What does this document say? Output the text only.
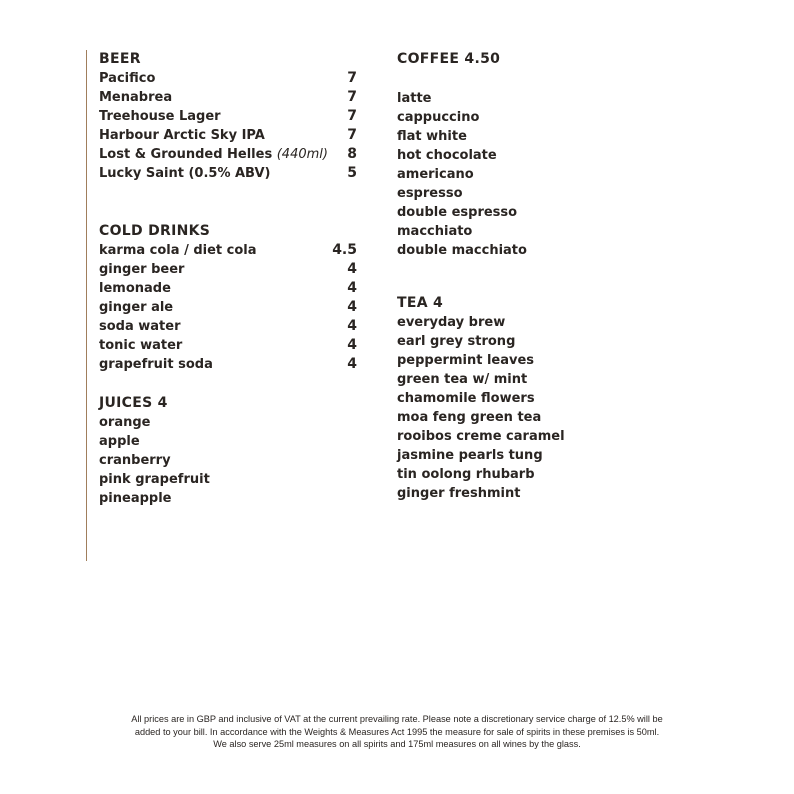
BEER
Pacifico	7
Menabrea	7
Treehouse Lager	7
Harbour Arctic Sky IPA	7
Lost & Grounded Helles (440ml) 8
Lucky Saint (0.5% ABV)	5
COLD DRINKS
karma cola / diet cola	4.5
ginger beer	4
lemonade	4
ginger ale	4
soda water	4
tonic water	4
grapefruit soda	4
JUICES 4
orange
apple
cranberry
pink grapefruit
pineapple
COFFEE 4.50
latte
cappuccino
flat white
hot chocolate
americano
espresso
double espresso
macchiato
double macchiato
TEA 4
everyday brew
earl grey strong
peppermint leaves
green tea w/ mint
chamomile flowers
moa feng green tea
rooibos creme caramel
jasmine pearls tung
tin oolong rhubarb
ginger freshmint
All prices are in GBP and inclusive of VAT at the current prevailing rate. Please note a discretionary service charge of 12.5% will be
added to your bill. In accordance with the Weights & Measures Act 1995 the measure for sale of spirits in these premises is 50ml.
We also serve 25ml measures on all spirits and 175ml measures on all wines by the glass.
